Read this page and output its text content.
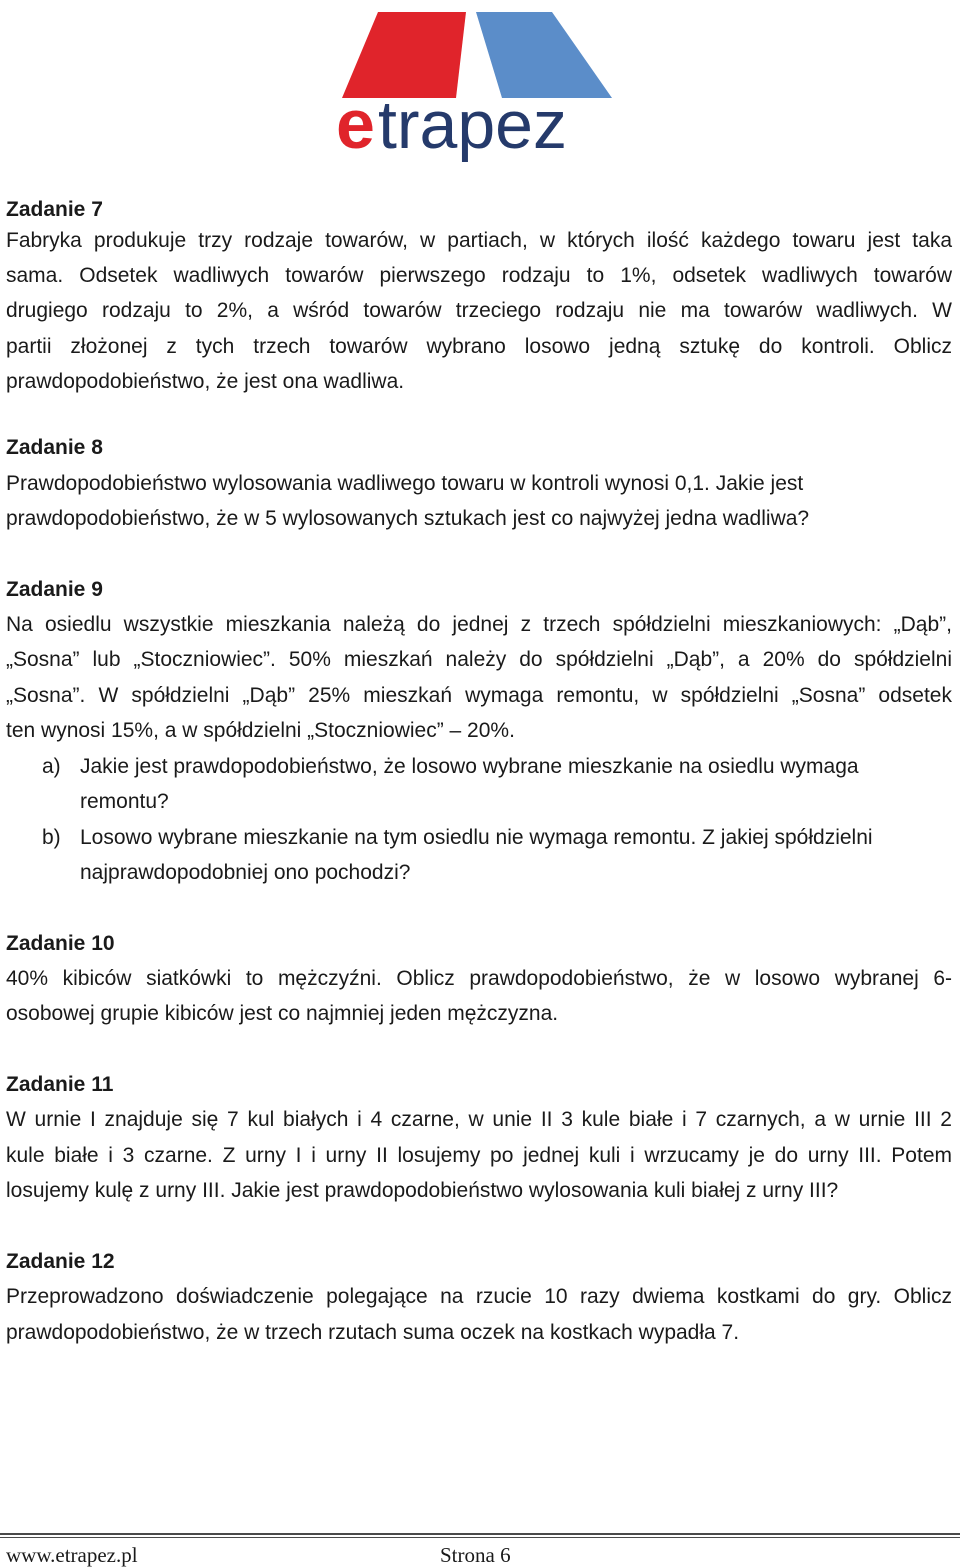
e trapez
Zadanie 7
Fabryka produkuje trzy rodzaje towarów, w partiach, w których ilość każdego towaru jest taka
sama. Odsetek wadliwych towarów pierwszego rodzaju to 1%, odsetek wadliwych towarów
drugiego rodzaju to 2%, a wśród towarów trzeciego rodzaju nie ma towarów wadliwych. W
partii złożonej z tych trzech towarów wybrano losowo jedną sztukę do kontroli. Oblicz
prawdopodobieństwo, że jest ona wadliwa.
Zadanie 8
Prawdopodobieństwo wylosowania wadliwego towaru w kontroli wynosi 0,1. Jakie jest
prawdopodobieństwo, że w 5 wylosowanych sztukach jest co najwyżej jedna wadliwa?
Zadanie 9
Na osiedlu wszystkie mieszkania należą do jednej z trzech spółdzielni mieszkaniowych: „Dąb”,
„Sosna” lub „Stoczniowiec”. 50% mieszkań należy do spółdzielni „Dąb”, a 20% do spółdzielni
„Sosna”. W spółdzielni „Dąb” 25% mieszkań wymaga remontu, w spółdzielni „Sosna” odsetek
ten wynosi 15%, a w spółdzielni „Stoczniowiec” – 20%.
a) Jakie jest prawdopodobieństwo, że losowo wybrane mieszkanie na osiedlu wymaga
remontu?
b) Losowo wybrane mieszkanie na tym osiedlu nie wymaga remontu. Z jakiej spółdzielni
najprawdopodobniej ono pochodzi?
Zadanie 10
40% kibiców siatkówki to mężczyźni. Oblicz prawdopodobieństwo, że w losowo wybranej 6-
osobowej grupie kibiców jest co najmniej jeden mężczyzna.
Zadanie 11
W urnie I znajduje się 7 kul białych i 4 czarne, w unie II 3 kule białe i 7 czarnych, a w urnie III 2
kule białe i 3 czarne. Z urny I i urny II losujemy po jednej kuli i wrzucamy je do urny III. Potem
losujemy kulę z urny III. Jakie jest prawdopodobieństwo wylosowania kuli białej z urny III?
Zadanie 12
Przeprowadzono doświadczenie polegające na rzucie 10 razy dwiema kostkami do gry. Oblicz
prawdopodobieństwo, że w trzech rzutach suma oczek na kostkach wypadła 7.
www.etrapez.pl	Strona 6
